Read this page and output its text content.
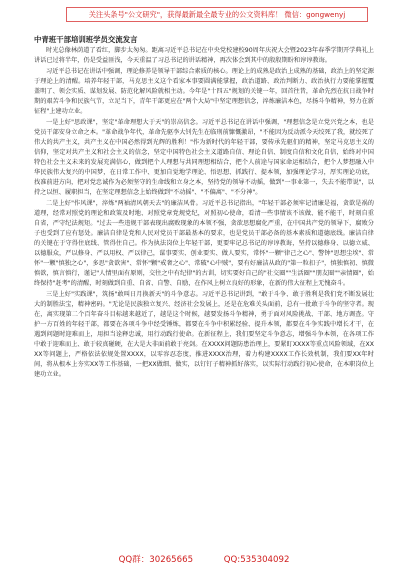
关注头条号"公文研究"，获得最新最全最专业的公文资料库！ 微信：gongwenyj

中青班干部培训班学员交流发言

时光总像林荫道了看红，脚步太匆匆。距离习近平总书记在中央党校建校90周年庆祝大会暨2023年春季学期开学典礼上讲话已过将半年，仍是受益匪浅，今天重温了习总书记的讲话精神，再次体会到其中的殷殷期盼和谆谆教诲。

习近平总书记在讲话中强调，理论修养是领导干部综合素质的核心。理论上的成熟是政治上成熟的基础，政治上的坚定源于理论上的清醒。培养年轻干部，马克思主义这个看家本事要圆满能掌握，政治道路、政治判断力、政治执行力要能掌握覆盖明了、领会实质、谋划发展、防范化解风险就相主动。今年是"十四五"规划的关键一年，回首往昔，革命先烈在抗日战争时期的艰苦斗争和民族气节，立足当下，青年干部更应在"两个大局"中坚定理想信念，淬炼廉洁本色，尽扬斗争精神，努力在新征程"上建功立业。

一是上好"思政课"，坚定"革命理想大于天"的崇高信念。习近平总书记在讲话中强调，"理想信念是立党兴党之本，也是党员干部安身立命之本。"革命战争年代，革命先驱李大钊先生在临刑前慷慨激昂，"不能因为反动派今天绞死了我，就绞死了伟大的共产主义，共产主义在中国必然得到光辉的胜利！"作为新时代的年轻干部，要传承先驱们的精神，坚定马克思主义的信仰，坚定对共产主义和社会主义的信念，坚定中国特色社会主义道路自信、理论自信、制度自信和文化自信，始终对中国特色社会主义未来的发展充满信心，做到把个人理想与共同理想相结合，把个人前途与国家命运相结合，把个人梦想融入中华民族伟大复兴的中国梦，在日常工作中、更加自觉地学理论、悟思想、抓践行、提本领，加强理论学习，厚实理论功底，找准前进方向，把对党忠诚作为必须坚守的生命线和立身之本，坚持党的领导不动摇，做到"一事业第一，失去不能带说"，以持之以恒、履职担当，在坚定理想信念上始终做到"不动摇"、"不偏离"、"不分神"。

二是上好"作风课"，淬炼"两袖清风朝天去"的廉洁风骨。习近平总书记指出，"年轻干部必须牢记清廉是福，贪欲是祸的道理，经常对照党的理论和政策及时地、对照党章党规党纪，对照初心使命，看清一些事情该不该做、能不能干，时刻自重自省，严守纪法规矩。"过去一些违规干部表现出腐败现象的本领不强，贪欲思想腐化严重，在中国共产党的领导下，腐败分子也受到了应有惩处。廉洁自律是党和人民对党员干部最基本的要求，也是党员干部必备的基本素质和道德底线。廉洁自律的关键在于守得住底线、管得住自己。作为执法岗位上年轻干部，更要牢记总书记的谆谆教诲，坚持以德修身、以德立威、以德服众，严以修身、严以用权、严以律己，谋事要实、创业要实、做人要实，常怀"一颗"律己之心"、警钟"思想尘埃"、常怀"一颗"慎独之心"，多思"贪欲害"、常怀"颗"戒奢之心"、常破"心中贼"，要有好廉洁从政的"第一粒扣子"，慎独慎初、慎微慎欲，慎言慎行，谨记"人情里面有原则，交往之中有纪律"的古训，切实要好自己的"社交圈""生活圈""朋友圈""亲情圈"，始终保持"赶考"的清醒，时刻做到自重、自省、自警、自励，在作风上树立良好的形象，在新的伟大征程上无愧奋斗。

三是上好"实践课"，筑扬"敢叫日月换新天"的斗争意志。习近平总书记讲到，"敢于斗争、敢于胜利是我们党不断发展壮大的制胜法宝，精神密码。"无论是民族独立复兴、经济社会发展上，还是在危难关头面前，总有一批敢于斗争的坚守者。现在，离实现第二个百年奋斗目标越来越近了，越是这个时候，越要发扬斗争精神，勇于面对风险挑战、干部、地方调查。守护一方百姓的年轻干部，都要在各项斗争中经受锤炼，都要在斗争中积累经验、提升本领，都要在斗争实践中增长才干，在遇到问题时迎难而上，用担当诠释忠诚，用行动践行使命。在新征程上，我们要坚定斗争意志，增强斗争本领，在各项工作中敢于迎难而上、敢于较真碰硬，在大是大非面前敢于亮剑。在XXXX问题防患治理上，要紧盯XXXX等重点风险领域，在XXXX等问题上，严格依法依规处置XXXX，以零容忍态度，推进XXXX治理，着力构建XXXX工作长效机制，我们要XX年时间，将从根本上夯实XX等工作基础，一把XX做细、做实，以钉钉子精神抓好落实，以实际行动践行初心使命，在本职岗位上建功立业。

QQ群：30265665	QQ:535304092
